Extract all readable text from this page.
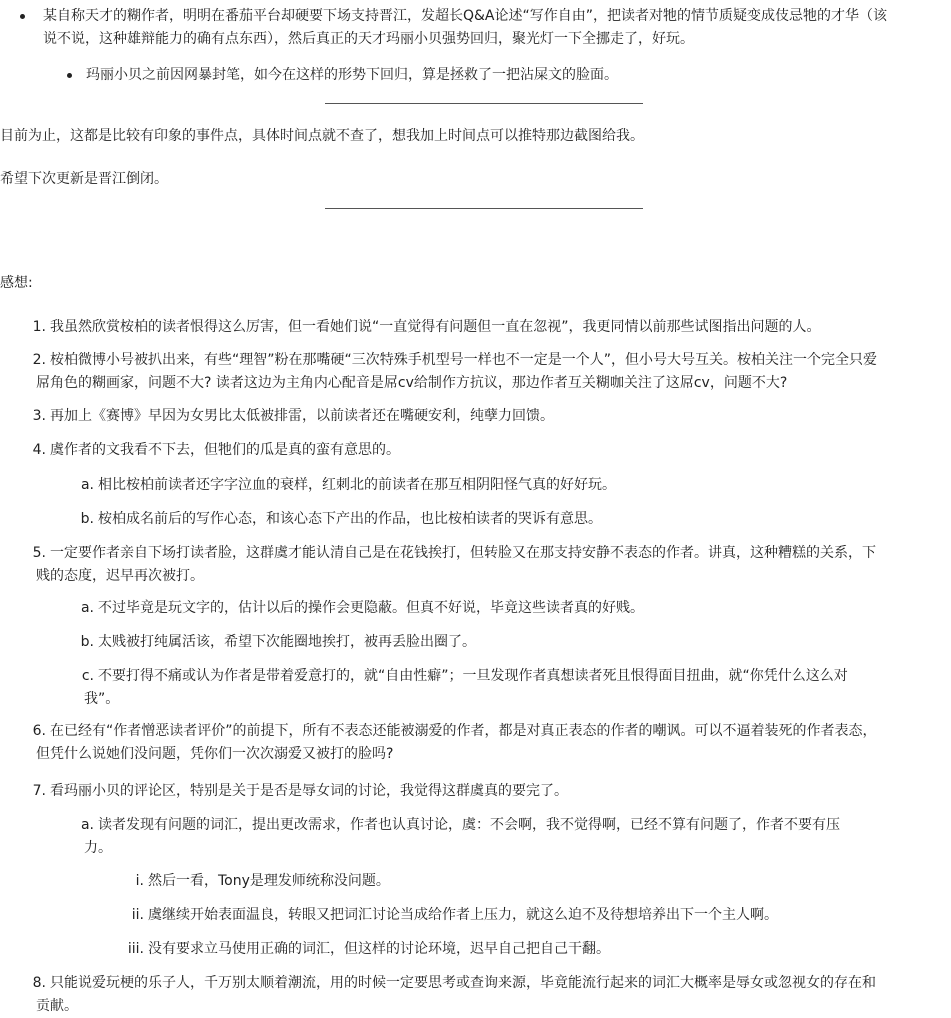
某自称天才的糊作者，明明在番茄平台却硬要下场支持晋江，发超长Q&A论述“写作自由”，把读者对牠的情节质疑变成伎忌牠的才华（该
说不说，这种雄辩能力的确有点东西），然后真正的天才玛丽小贝强势回归，聚光灯一下全挪走了，好玩。
玛丽小贝之前因网暴封笔，如今在这样的形势下回归，算是拯救了一把沾屎文的脸面。
目前为止，这都是比较有印象的事件点，具体时间点就不查了，想我加上时间点可以推特那边截图给我。
希望下次更新是晋江倒闭。
感想:
1. 我虽然欣赏桉柏的读者恨得这么厉害，但一看她们说“一直觉得有问题但一直在忽视”，我更同情以前那些试图指出问题的人。
2. 桉柏微博小号被扒出来，有些“理智”粉在那嘴硬“三次特殊手机型号一样也不一定是一个人”，但小号大号互关。桉柏关注一个完全只爱
屌角色的糊画家，问题不大? 读者这边为主角内心配音是屌cv给制作方抗议，那边作者互关糊咖关注了这屌cv，问题不大?
3. 再加上《赛博》早因为女男比太低被排雷，以前读者还在嘴硬安利，纯孽力回馈。
4. 虞作者的文我看不下去，但牠们的瓜是真的蛮有意思的。
a. 相比桉柏前读者还字字泣血的衰样，红刺北的前读者在那互相阴阳怪气真的好好玩。
b. 桉柏成名前后的写作心态，和该心态下产出的作品，也比桉柏读者的哭诉有意思。
5. 一定要作者亲自下场打读者脸，这群虞才能认清自己是在花钱挨打，但转脸又在那支持安静不表态的作者。讲真，这种糟糕的关系，下
贱的态度，迟早再次被打。
a. 不过毕竟是玩文字的，估计以后的操作会更隐蔽。但真不好说，毕竟这些读者真的好贱。
b. 太贱被打纯属活该，希望下次能圈地挨打，被再丢脸出圈了。
c. 不要打得不痛或认为作者是带着爱意打的，就“自由性癖”；一旦发现作者真想读者死且恨得面目扭曲，就“你凭什么这么对
我”。
6. 在已经有“作者憎恶读者评价”的前提下，所有不表态还能被溺爱的作者，都是对真正表态的作者的嘲讽。可以不逼着装死的作者表态，
但凭什么说她们没问题，凭你们一次次溺爱又被打的脸吗?
7. 看玛丽小贝的评论区，特别是关于是否是辱女词的讨论，我觉得这群虞真的要完了。
a. 读者发现有问题的词汇，提出更改需求，作者也认真讨论，虞：不会啊，我不觉得啊，已经不算有问题了，作者不要有压
力。
i. 然后一看，Tony是理发师统称没问题。
ii. 虞继续开始表面温良，转眼又把词汇讨论当成给作者上压力，就这么迫不及待想培养出下一个主人啊。
iii. 没有要求立马使用正确的词汇，但这样的讨论环境，迟早自己把自己干翻。
8. 只能说爱玩梗的乐子人，千万别太顺着潮流，用的时候一定要思考或查询来源，毕竟能流行起来的词汇大概率是辱女或忽视女的存在和
贡献。
